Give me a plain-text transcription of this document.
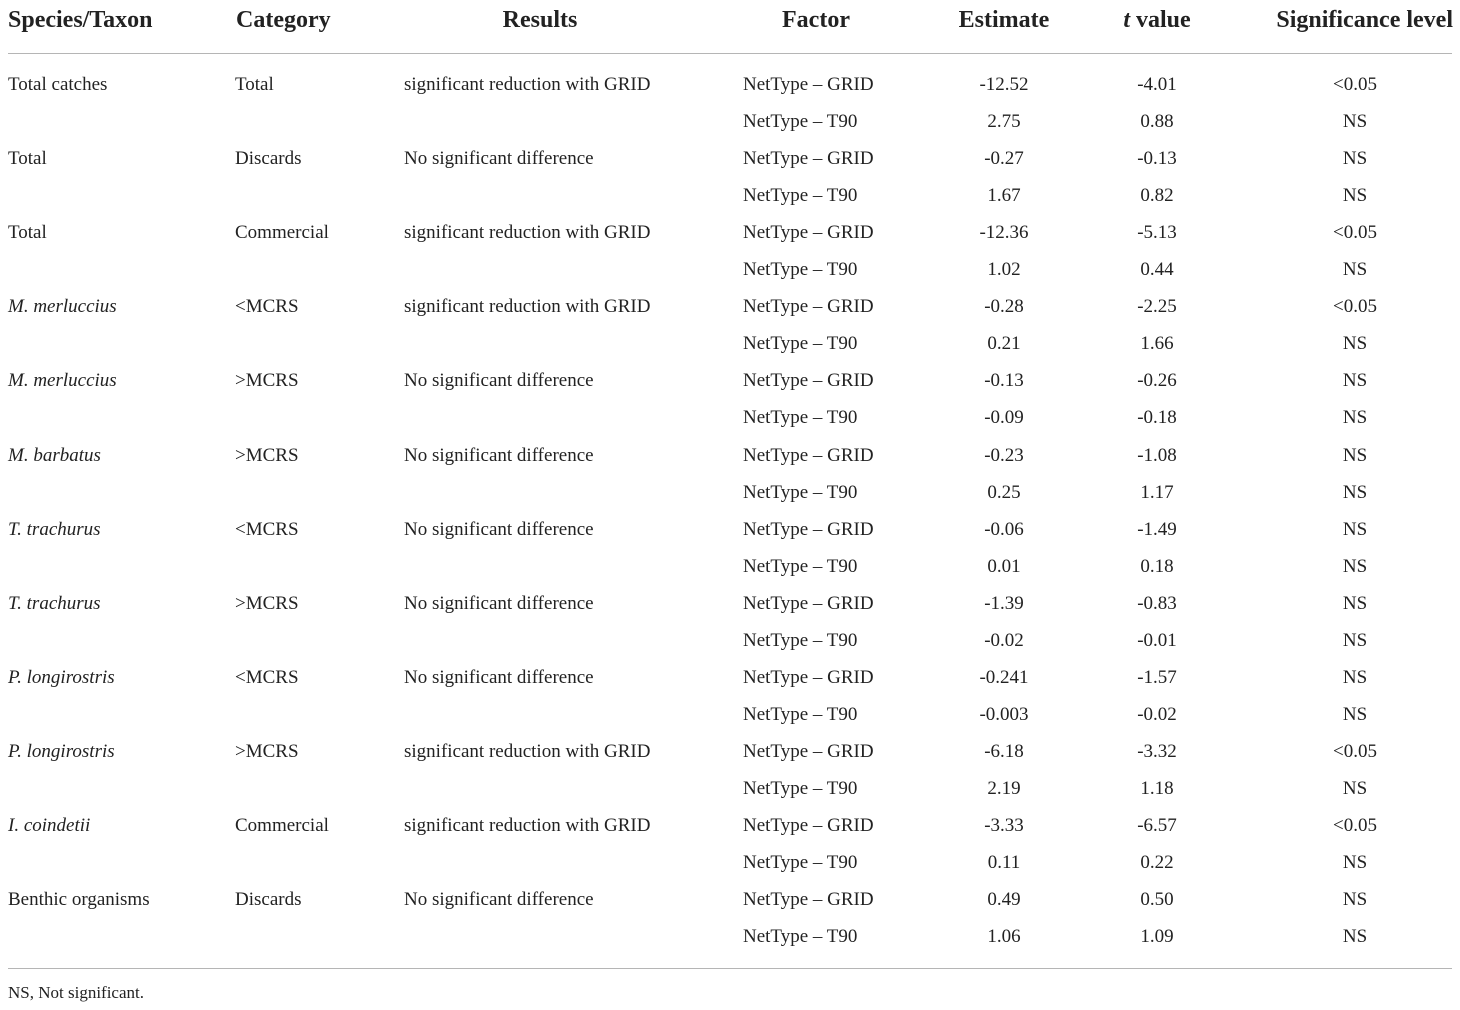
Species/Taxon	Category	Results	Factor	Estimate	t value	Significance level
Total catches	Total	significant reduction with GRID	NetType – GRID	-12.52	-4.01	<0.05
NetType – T90	2.75	0.88	NS
Total	Discards	No significant difference	NetType – GRID	-0.27	-0.13	NS
NetType – T90	1.67	0.82	NS
Total	Commercial	significant reduction with GRID	NetType – GRID	-12.36	-5.13	<0.05
NetType – T90	1.02	0.44	NS
M. merluccius	<MCRS	significant reduction with GRID	NetType – GRID	-0.28	-2.25	<0.05
NetType – T90	0.21	1.66	NS
M. merluccius	>MCRS	No significant difference	NetType – GRID	-0.13	-0.26	NS
NetType – T90	-0.09	-0.18	NS
M. barbatus	>MCRS	No significant difference	NetType – GRID	-0.23	-1.08	NS
NetType – T90	0.25	1.17	NS
T. trachurus	<MCRS	No significant difference	NetType – GRID	-0.06	-1.49	NS
NetType – T90	0.01	0.18	NS
T. trachurus	>MCRS	No significant difference	NetType – GRID	-1.39	-0.83	NS
NetType – T90	-0.02	-0.01	NS
P. longirostris	<MCRS	No significant difference	NetType – GRID	-0.241	-1.57	NS
NetType – T90	-0.003	-0.02	NS
P. longirostris	>MCRS	significant reduction with GRID	NetType – GRID	-6.18	-3.32	<0.05
NetType – T90	2.19	1.18	NS
I. coindetii	Commercial	significant reduction with GRID	NetType – GRID	-3.33	-6.57	<0.05
NetType – T90	0.11	0.22	NS
Benthic organisms	Discards	No significant difference	NetType – GRID	0.49	0.50	NS
NetType – T90	1.06	1.09	NS
NS, Not significant.
